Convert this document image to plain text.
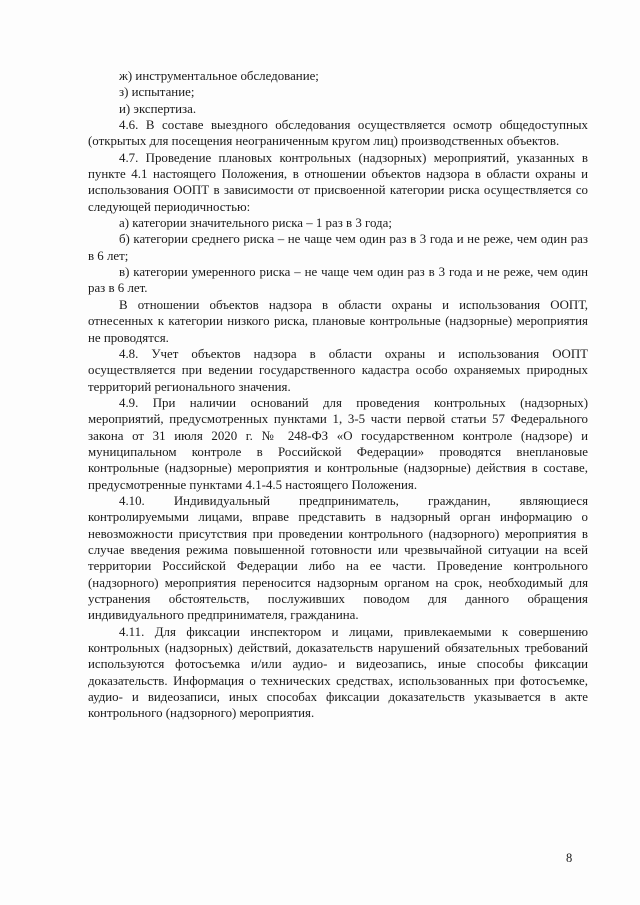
ж) инструментальное обследование;

з) испытание;

и) экспертиза.

4.6. В составе выездного обследования осуществляется осмотр общедоступных (открытых для посещения неограниченным кругом лиц) производственных объектов.

4.7. Проведение плановых контрольных (надзорных) мероприятий, указанных в пункте 4.1 настоящего Положения, в отношении объектов надзора в области охраны и использования ООПТ в зависимости от присвоенной категории риска осуществляется со следующей периодичностью:

а) категории значительного риска – 1 раз в 3 года;

б) категории среднего риска – не чаще чем один раз в 3 года и не реже, чем один раз в 6 лет;

в) категории умеренного риска – не чаще чем один раз в 3 года и не реже, чем один раз в 6 лет.

В отношении объектов надзора в области охраны и использования ООПТ, отнесенных к категории низкого риска, плановые контрольные (надзорные) мероприятия не проводятся.

4.8. Учет объектов надзора в области охраны и использования ООПТ осуществляется при ведении государственного кадастра особо охраняемых природных территорий регионального значения.

4.9. При наличии оснований для проведения контрольных (надзорных) мероприятий, предусмотренных пунктами 1, 3-5 части первой статьи 57 Федерального закона от 31 июля 2020 г. № 248-ФЗ «О государственном контроле (надзоре) и муниципальном контроле в Российской Федерации» проводятся внеплановые контрольные (надзорные) мероприятия и контрольные (надзорные) действия в составе, предусмотренные пунктами 4.1-4.5 настоящего Положения.

4.10. Индивидуальный предприниматель, гражданин, являющиеся контролируемыми лицами, вправе представить в надзорный орган информацию о невозможности присутствия при проведении контрольного (надзорного) мероприятия в случае введения режима повышенной готовности или чрезвычайной ситуации на всей территории Российской Федерации либо на ее части. Проведение контрольного (надзорного) мероприятия переносится надзорным органом на срок, необходимый для устранения обстоятельств, послуживших поводом для данного обращения индивидуального предпринимателя, гражданина.

4.11. Для фиксации инспектором и лицами, привлекаемыми к совершению контрольных (надзорных) действий, доказательств нарушений обязательных требований используются фотосъемка и/или аудио- и видеозапись, иные способы фиксации доказательств. Информация о технических средствах, использованных при фотосъемке, аудио- и видеозаписи, иных способах фиксации доказательств указывается в акте контрольного (надзорного) мероприятия.

8
